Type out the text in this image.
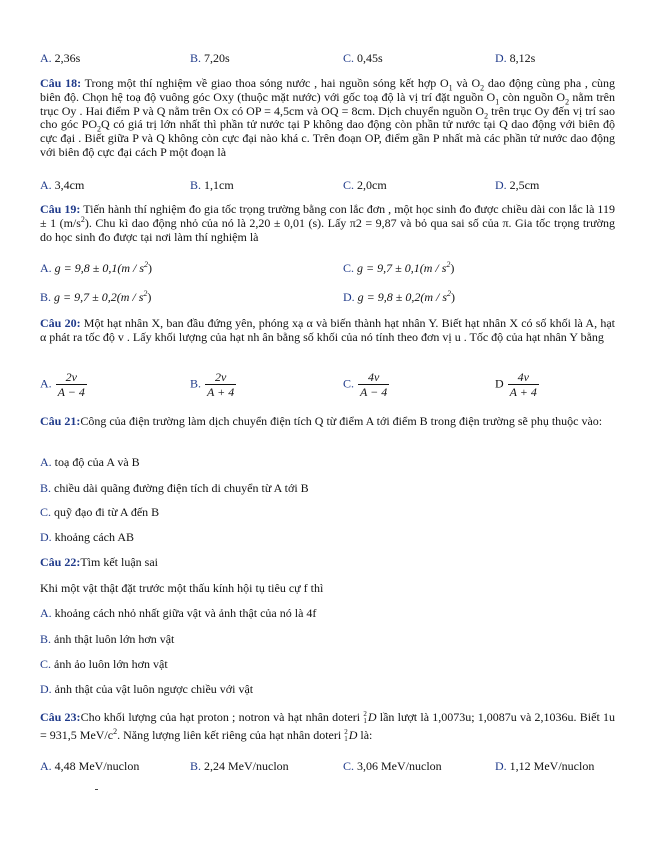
A. 2,36s	B. 7,20s	C. 0,45s	D. 8,12s
Câu 18: Trong một thí nghiệm về giao thoa sóng nước , hai nguồn sóng kết hợp $O_1$ và $O_2$ dao động cùng pha , cùng biên độ. Chọn hệ toạ độ vuông góc Oxy (thuộc mặt nước) với gốc toạ độ là vị trí đặt nguồn $O_1$ còn nguồn $O_2$ nằm trên trục Oy . Hai điểm P và Q nằm trên Ox có OP = 4,5cm và OQ = 8cm. Dịch chuyển nguồn $O_2$ trên trục Oy đến vị trí sao cho góc $PO_2Q$ có giá trị lớn nhất thì phần tử nước tại P không dao động còn phần tử nước tại Q dao động với biên độ cực đại . Biết giữa P và Q không còn cực đại nào khá c. Trên đoạn OP, điểm gần P nhất mà các phần tử nước dao động với biên độ cực đại cách P một đoạn là
A. 3,4cm	B. 1,1cm	C. 2,0cm	D. 2,5cm
Câu 19: Tiến hành thí nghiệm đo gia tốc trọng trường bằng con lắc đơn , một học sinh đo được chiều dài con lắc là 119 ± 1 $(m/s^2)$. Chu kì dao động nhỏ của nó là 2,20 ± 0,01 (s). Lấy π2 = 9,87 và bỏ qua sai số của π. Gia tốc trọng trường do học sinh đo được tại nơi làm thí nghiệm là
A. $g = 9,8 \pm 0,1(m / s^2)$	C. $g = 9,7 \pm 0,1(m / s^2)$
B. $g = 9,7 \pm 0,2(m / s^2)$	D. $g = 9,8 \pm 0,2(m / s^2)$
Câu 20: Một hạt nhân X, ban đầu đứng yên, phóng xạ α và biến thành hạt nhân Y. Biết hạt nhân X có số khối là A, hạt α phát ra tốc độ v . Lấy khối lượng của hạt nh ân bằng số khối của nó tính theo đơn vị u . Tốc độ của hạt nhân Y bằng
A. $\frac{2v}{A - 4}$	B. $\frac{2v}{A + 4}$	C. $\frac{4v}{A - 4}$	D $\frac{4v}{A + 4}$
Câu 21:Công của điện trường làm dịch chuyển điện tích Q từ điểm A tới điểm B trong điện trường sẽ phụ thuộc vào:
A. toạ độ của A và B
B. chiều dài quãng đường điện tích di chuyển từ A tới B
C. quỹ đạo đi từ A đến B
D. khoảng cách AB
Câu 22:Tìm kết luận sai
Khi một vật thật đặt trước một thấu kính hội tụ tiêu cự f thì
A. khoảng cách nhỏ nhất giữa vật và ảnh thật của nó là 4f
B. ảnh thật luôn lớn hơn vật
C. ảnh ảo luôn lớn hơn vật
D. ảnh thật của vật luôn ngược chiều với vật
Câu 23:Cho khối lượng của hạt proton ; notron và hạt nhân doteri 2
1 D lần lượt là 1,0073u; 1,0087u và 2,1036u. Biết 1u = 931,5 MeV/$c^2$. Năng lượng liên kết riêng của hạt nhân doteri 2
1 D là:
A. 4,48 MeV/nuclon	B. 2,24 MeV/nuclon	C. 3,06 MeV/nuclon	D. 1,12 MeV/nuclon
